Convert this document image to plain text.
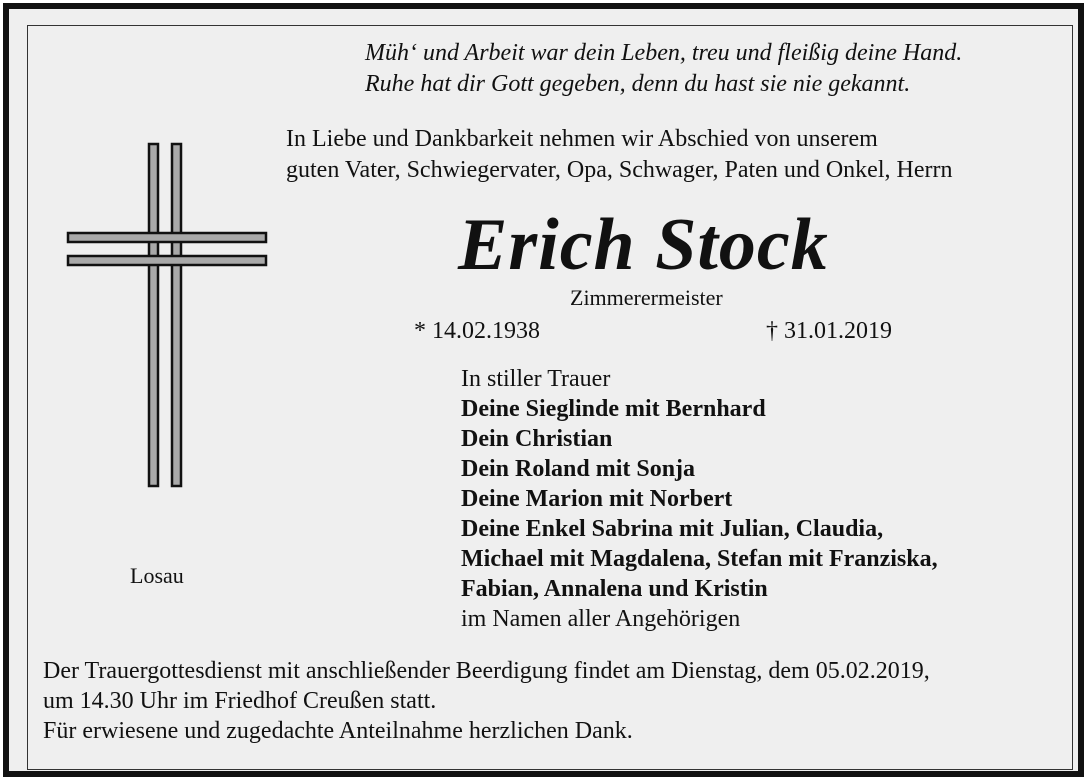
Müh‘ und Arbeit war dein Leben, treu und fleißig deine Hand.
Ruhe hat dir Gott gegeben, denn du hast sie nie gekannt.
In Liebe und Dankbarkeit nehmen wir Abschied von unserem
guten Vater, Schwiegervater, Opa, Schwager, Paten und Onkel, Herrn
Erich Stock
Zimmerermeister
* 14.02.1938	† 31.01.2019
In stiller Trauer
Deine Sieglinde mit Bernhard
Dein Christian
Dein Roland mit Sonja
Deine Marion mit Norbert
Deine Enkel Sabrina mit Julian, Claudia,
Michael mit Magdalena, Stefan mit Franziska,
Fabian, Annalena und Kristin
im Namen aller Angehörigen
Losau
Der Trauergottesdienst mit anschließender Beerdigung findet am Dienstag, dem 05.02.2019,
um 14.30 Uhr im Friedhof Creußen statt.
Für erwiesene und zugedachte Anteilnahme herzlichen Dank.
